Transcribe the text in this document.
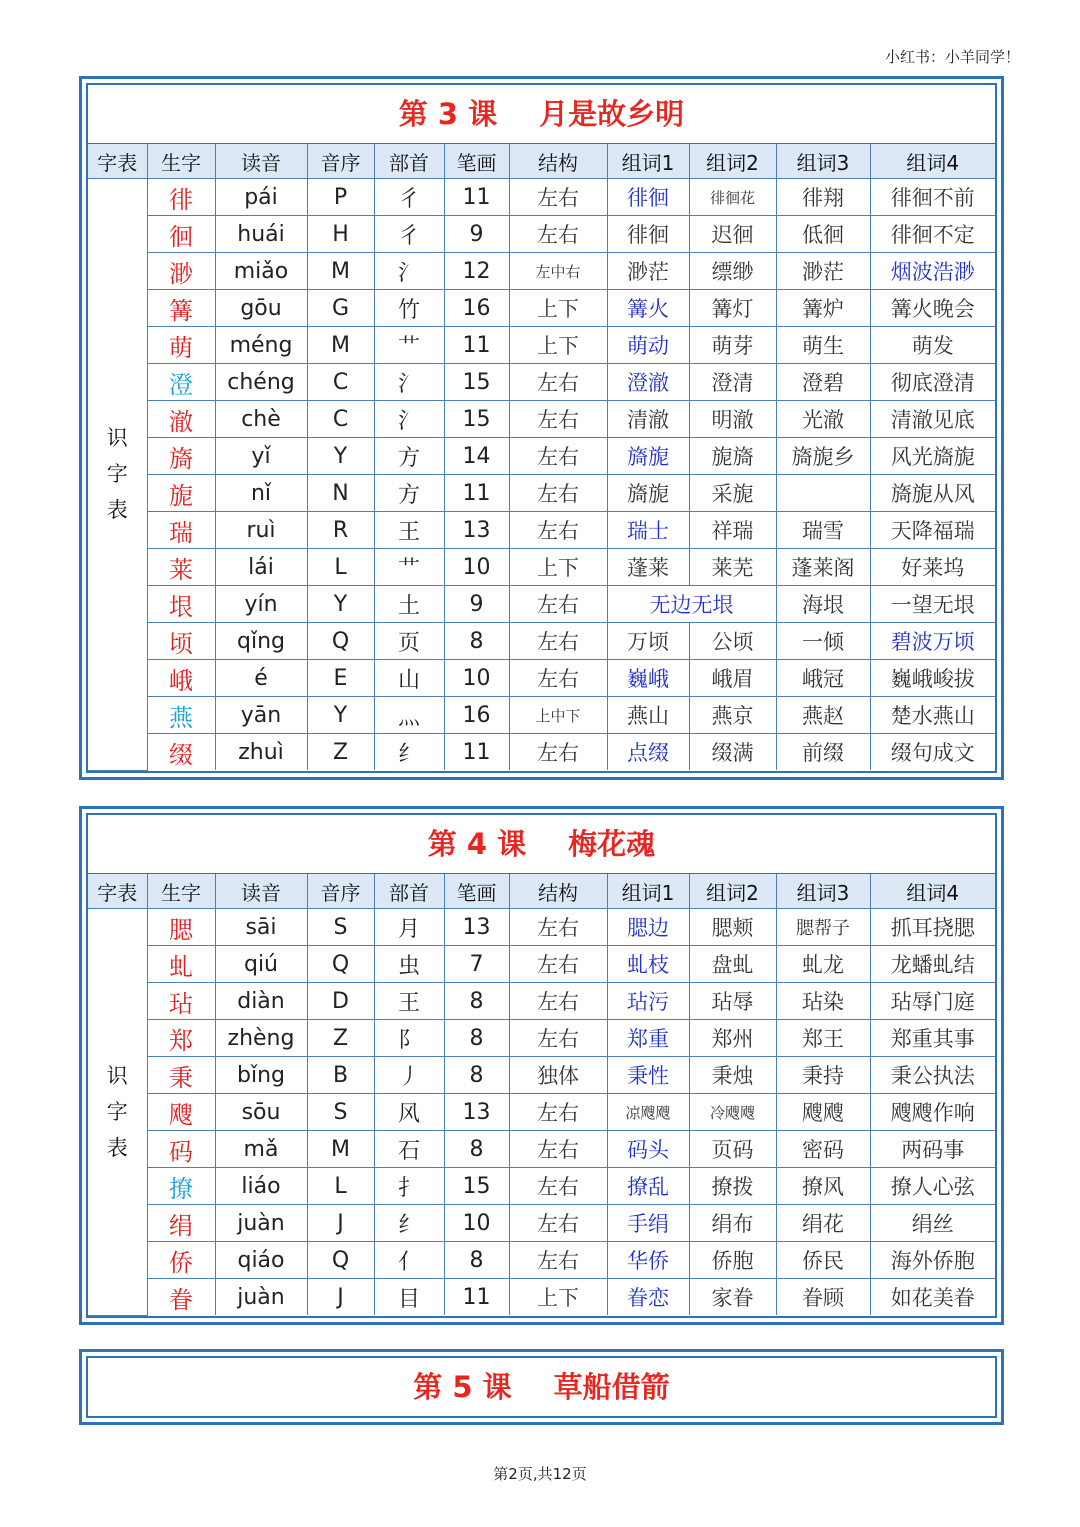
小红书：小羊同学！
第 3 课 月是故乡明
字表	生字	读音	音序	部首	笔画	结构	组词1	组词2	组词3	组词4

识
字
表	徘	pái	P	彳	11	左右	徘徊	徘徊花	徘翔	徘徊不前
	徊	huái	H	彳	9	左右	徘徊	迟徊	低徊	徘徊不定
	渺	miǎo	M	氵	12	左中右	渺茫	缥缈	渺茫	烟波浩渺
	篝	gōu	G	竹	16	上下	篝火	篝灯	篝炉	篝火晚会
	萌	méng	M	艹	11	上下	萌动	萌芽	萌生	萌发
	澄	chéng	C	氵	15	左右	澄澈	澄清	澄碧	彻底澄清
	澈	chè	C	氵	15	左右	清澈	明澈	光澈	清澈见底
	旖	yǐ	Y	方	14	左右	旖旎	旎旖	旖旎乡	风光旖旎
	旎	nǐ	N	方	11	左右	旖旎	采旎		旖旎从风
	瑞	ruì	R	王	13	左右	瑞士	祥瑞	瑞雪	天降福瑞
	莱	lái	L	艹	10	上下	蓬莱	莱芜	蓬莱阁	好莱坞
	垠	yín	Y	土	9	左右	无边无垠		海垠	一望无垠
	顷	qǐng	Q	页	8	左右	万顷	公顷	一倾	碧波万顷
	峨	é	E	山	10	左右	巍峨	峨眉	峨冠	巍峨峻拔
	燕	yān	Y	灬	16	上中下	燕山	燕京	燕赵	楚水燕山
	缀	zhuì	Z	纟	11	左右	点缀	缀满	前缀	缀句成文
第 4 课 梅花魂
字表	生字	读音	音序	部首	笔画	结构	组词1	组词2	组词3	组词4

识
字
表	腮	sāi	S	月	13	左右	腮边	腮颊	腮帮子	抓耳挠腮
	虬	qiú	Q	虫	7	左右	虬枝	盘虬	虬龙	龙蟠虬结
	玷	diàn	D	王	8	左右	玷污	玷辱	玷染	玷辱门庭
	郑	zhèng	Z	阝	8	左右	郑重	郑州	郑王	郑重其事
	秉	bǐng	B	丿	8	独体	秉性	秉烛	秉持	秉公执法
	飕	sōu	S	风	13	左右	凉飕飕	冷飕飕	飕飕	飕飕作响
	码	mǎ	M	石	8	左右	码头	页码	密码	两码事
	撩	liáo	L	扌	15	左右	撩乱	撩拨	撩风	撩人心弦
	绢	juàn	J	纟	10	左右	手绢	绢布	绢花	绢丝
	侨	qiáo	Q	亻	8	左右	华侨	侨胞	侨民	海外侨胞
	眷	juàn	J	目	11	上下	眷恋	家眷	眷顾	如花美眷
第 5 课 草船借箭
第2页,共12页
